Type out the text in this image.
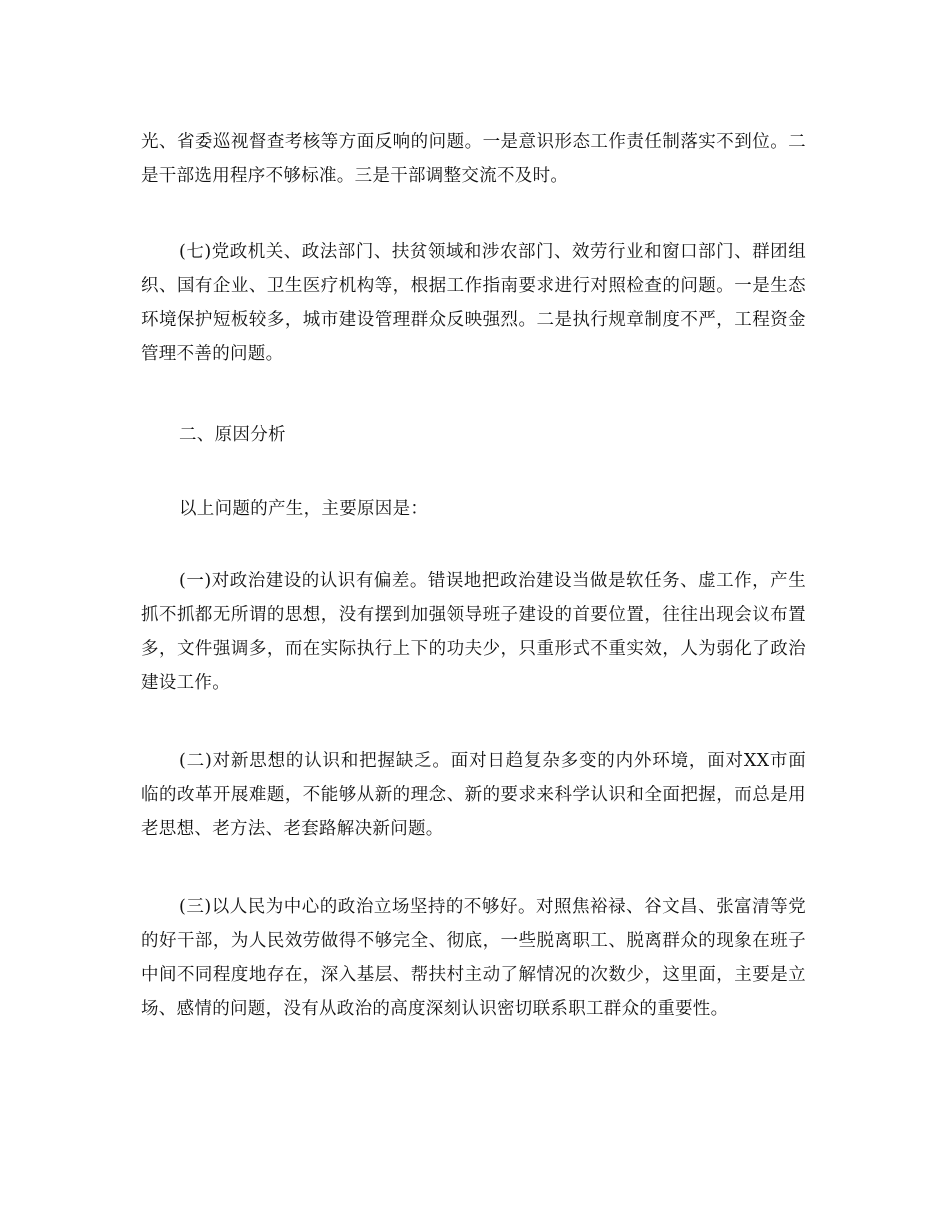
光、省委巡视督查考核等方面反响的问题。一是意识形态工作责任制落实不到位。二是干部选用程序不够标准。三是干部调整交流不及时。

(七)党政机关、政法部门、扶贫领域和涉农部门、效劳行业和窗口部门、群团组织、国有企业、卫生医疗机构等，根据工作指南要求进行对照检查的问题。一是生态环境保护短板较多，城市建设管理群众反映强烈。二是执行规章制度不严，工程资金管理不善的问题。

二、原因分析

以上问题的产生，主要原因是：

(一)对政治建设的认识有偏差。错误地把政治建设当做是软任务、虚工作，产生抓不抓都无所谓的思想，没有摆到加强领导班子建设的首要位置，往往出现会议布置多，文件强调多，而在实际执行上下的功夫少，只重形式不重实效，人为弱化了政治建设工作。

(二)对新思想的认识和把握缺乏。面对日趋复杂多变的内外环境，面对XX市面临的改革开展难题，不能够从新的理念、新的要求来科学认识和全面把握，而总是用老思想、老方法、老套路解决新问题。

(三)以人民为中心的政治立场坚持的不够好。对照焦裕禄、谷文昌、张富清等党的好干部，为人民效劳做得不够完全、彻底，一些脱离职工、脱离群众的现象在班子中间不同程度地存在，深入基层、帮扶村主动了解情况的次数少，这里面，主要是立场、感情的问题，没有从政治的高度深刻认识密切联系职工群众的重要性。
